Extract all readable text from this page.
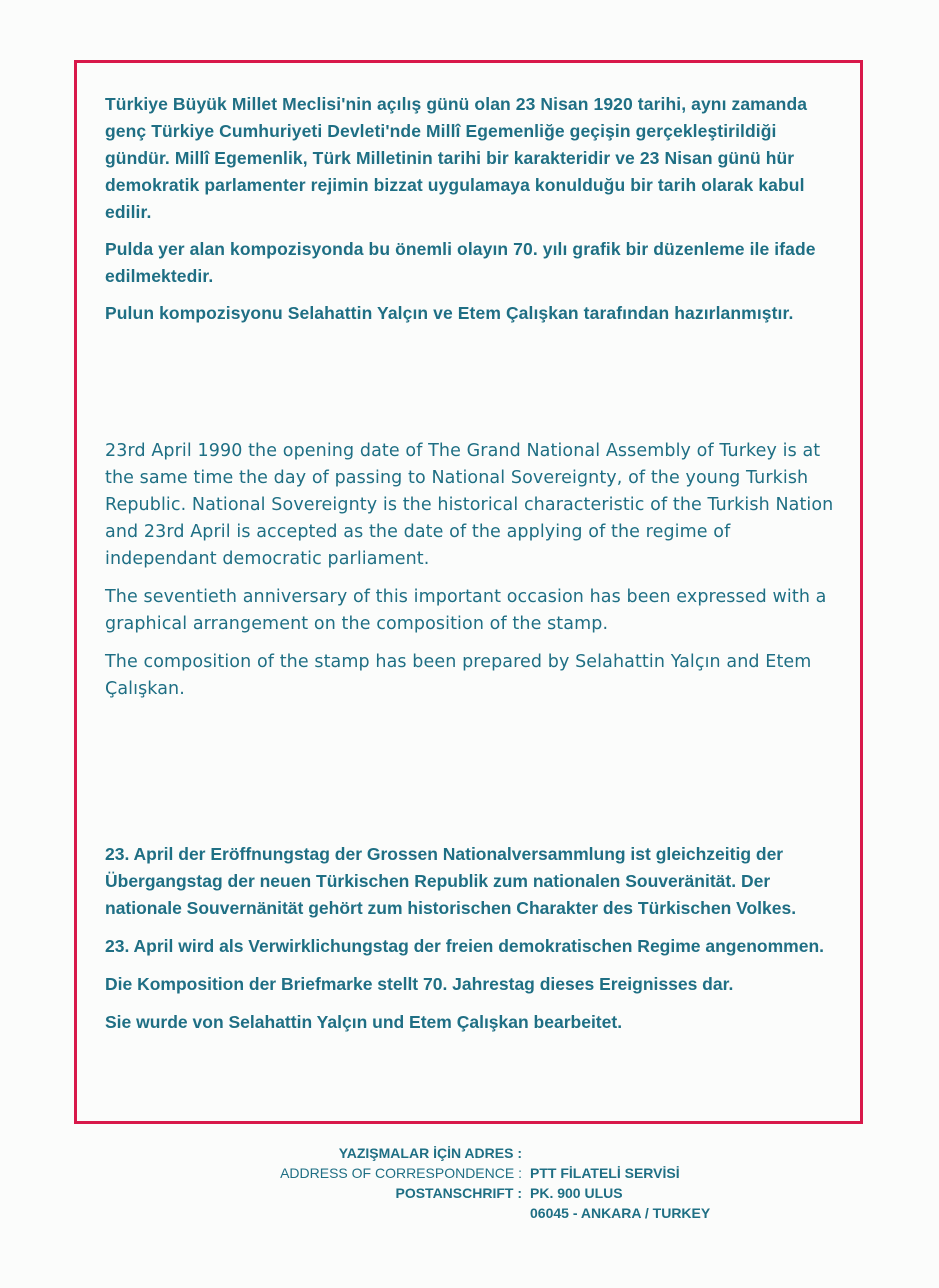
Türkiye Büyük Millet Meclisi'nin açılış günü olan 23 Nisan 1920 tarihi, aynı zamanda genç Türkiye Cumhuriyeti Devleti'nde Millî Egemenliğe geçişin gerçekleştirildiği gündür. Millî Egemenlik, Türk Milletinin tarihi bir karakteridir ve 23 Nisan günü hür demokratik parlamenter rejimin bizzat uygulamaya konulduğu bir tarih olarak kabul edilir.

Pulda yer alan kompozisyonda bu önemli olayın 70. yılı grafik bir düzenleme ile ifade edilmektedir.

Pulun kompozisyonu Selahattin Yalçın ve Etem Çalışkan tarafından hazırlanmıştır.

23rd April 1990 the opening date of The Grand National Assembly of Turkey is at the same time the day of passing to National Sovereignty, of the young Turkish Republic. National Sovereignty is the historical characteristic of the Turkish Nation and 23rd April is accepted as the date of the applying of the regime of independant democratic parliament.

The seventieth anniversary of this important occasion has been expressed with a graphical arrangement on the composition of the stamp.

The composition of the stamp has been prepared by Selahattin Yalçın and Etem Çalışkan.

23. April der Eröffnungstag der Grossen Nationalversammlung ist gleichzeitig der Übergangstag der neuen Türkischen Republik zum nationalen Souveränität. Der nationale Souvernänität gehört zum historischen Charakter des Türkischen Volkes.

23. April wird als Verwirklichungstag der freien demokratischen Regime angenommen.

Die Komposition der Briefmarke stellt 70. Jahrestag dieses Ereignisses dar.

Sie wurde von Selahattin Yalçın und Etem Çalışkan bearbeitet.

YAZIŞMALAR İÇİN ADRES :
ADDRESS OF CORRESPONDENCE :
POSTANSCHRIFT :
PTT FİLATELİ SERVİSİ
PK. 900 ULUS
06045 - ANKARA / TURKEY
